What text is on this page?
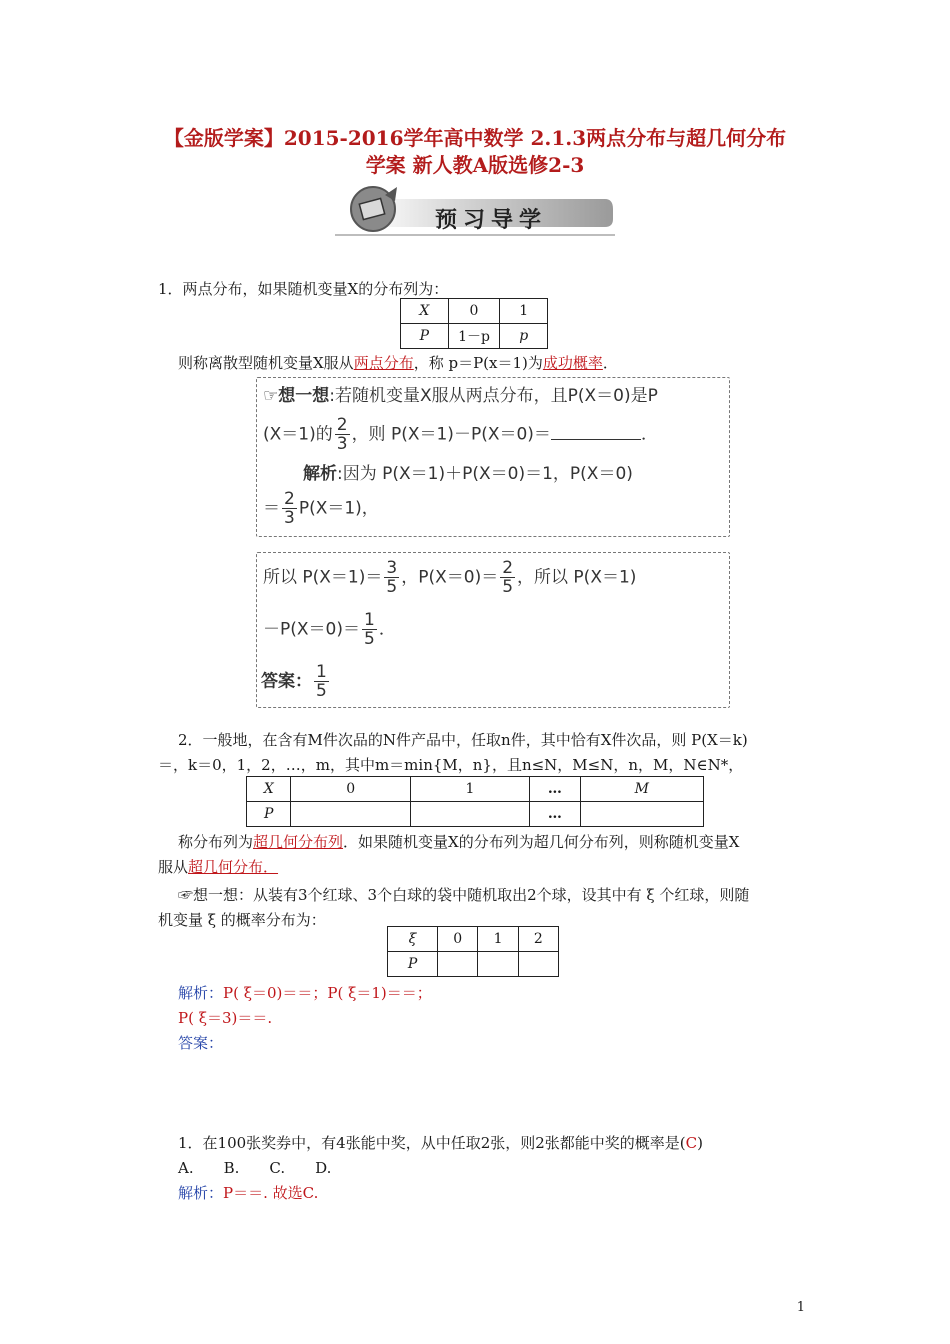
【金版学案】2015-2016学年高中数学 2.1.3两点分布与超几何分布
学案 新人教A版选修2-3
预习导学
1．两点分布，如果随机变量X的分布列为：
X	0	1
P	1－p	p
则称离散型随机变量X服从两点分布，称 p＝P(x＝1)为成功概率．
☞想一想:若随机变量X服从两点分布，且P(X＝0)是P
(X＝1)的 $\frac{2}{3}$ ，则 P(X＝1)－P(X＝0)＝	．
解析:因为 P(X＝1)＋P(X＝0)＝1，P(X＝0)
＝ $\frac{2}{3} P(X=1)$，
所以 $P(X=1)= \frac{3}{5}$ ，$P(X=0)= \frac{2}{5}$ ，所以 P(X＝1)
$-P(X=0)= \frac{1}{5}$ ．
答案： $\frac{1}{5}$
2．一般地，在含有M件次品的N件产品中，任取n件，其中恰有X件次品，则 P(X＝k)
＝，k＝0，1，2，…，m，其中m＝min{M，n}，且n≤N，M≤N，n，M，N∈N*，
X	0	1	…	M
P			…	
称分布列为超几何分布列．如果随机变量X的分布列为超几何分布列，则称随机变量X
服从超几何分布．
☞想一想：从装有3个红球、3个白球的袋中随机取出2个球，设其中有 ξ 个红球，则随
机变量 ξ 的概率分布为：
ξ	0	1	2
P			
解析：P( ξ＝0)＝＝；P( ξ＝1)＝＝；
P( ξ＝3)＝＝.
答案：
1．在100张奖券中，有4张能中奖，从中任取2张，则2张都能中奖的概率是(C)
A.　　B.　　C.　　D.
解析：P＝＝. 故选C.
1
